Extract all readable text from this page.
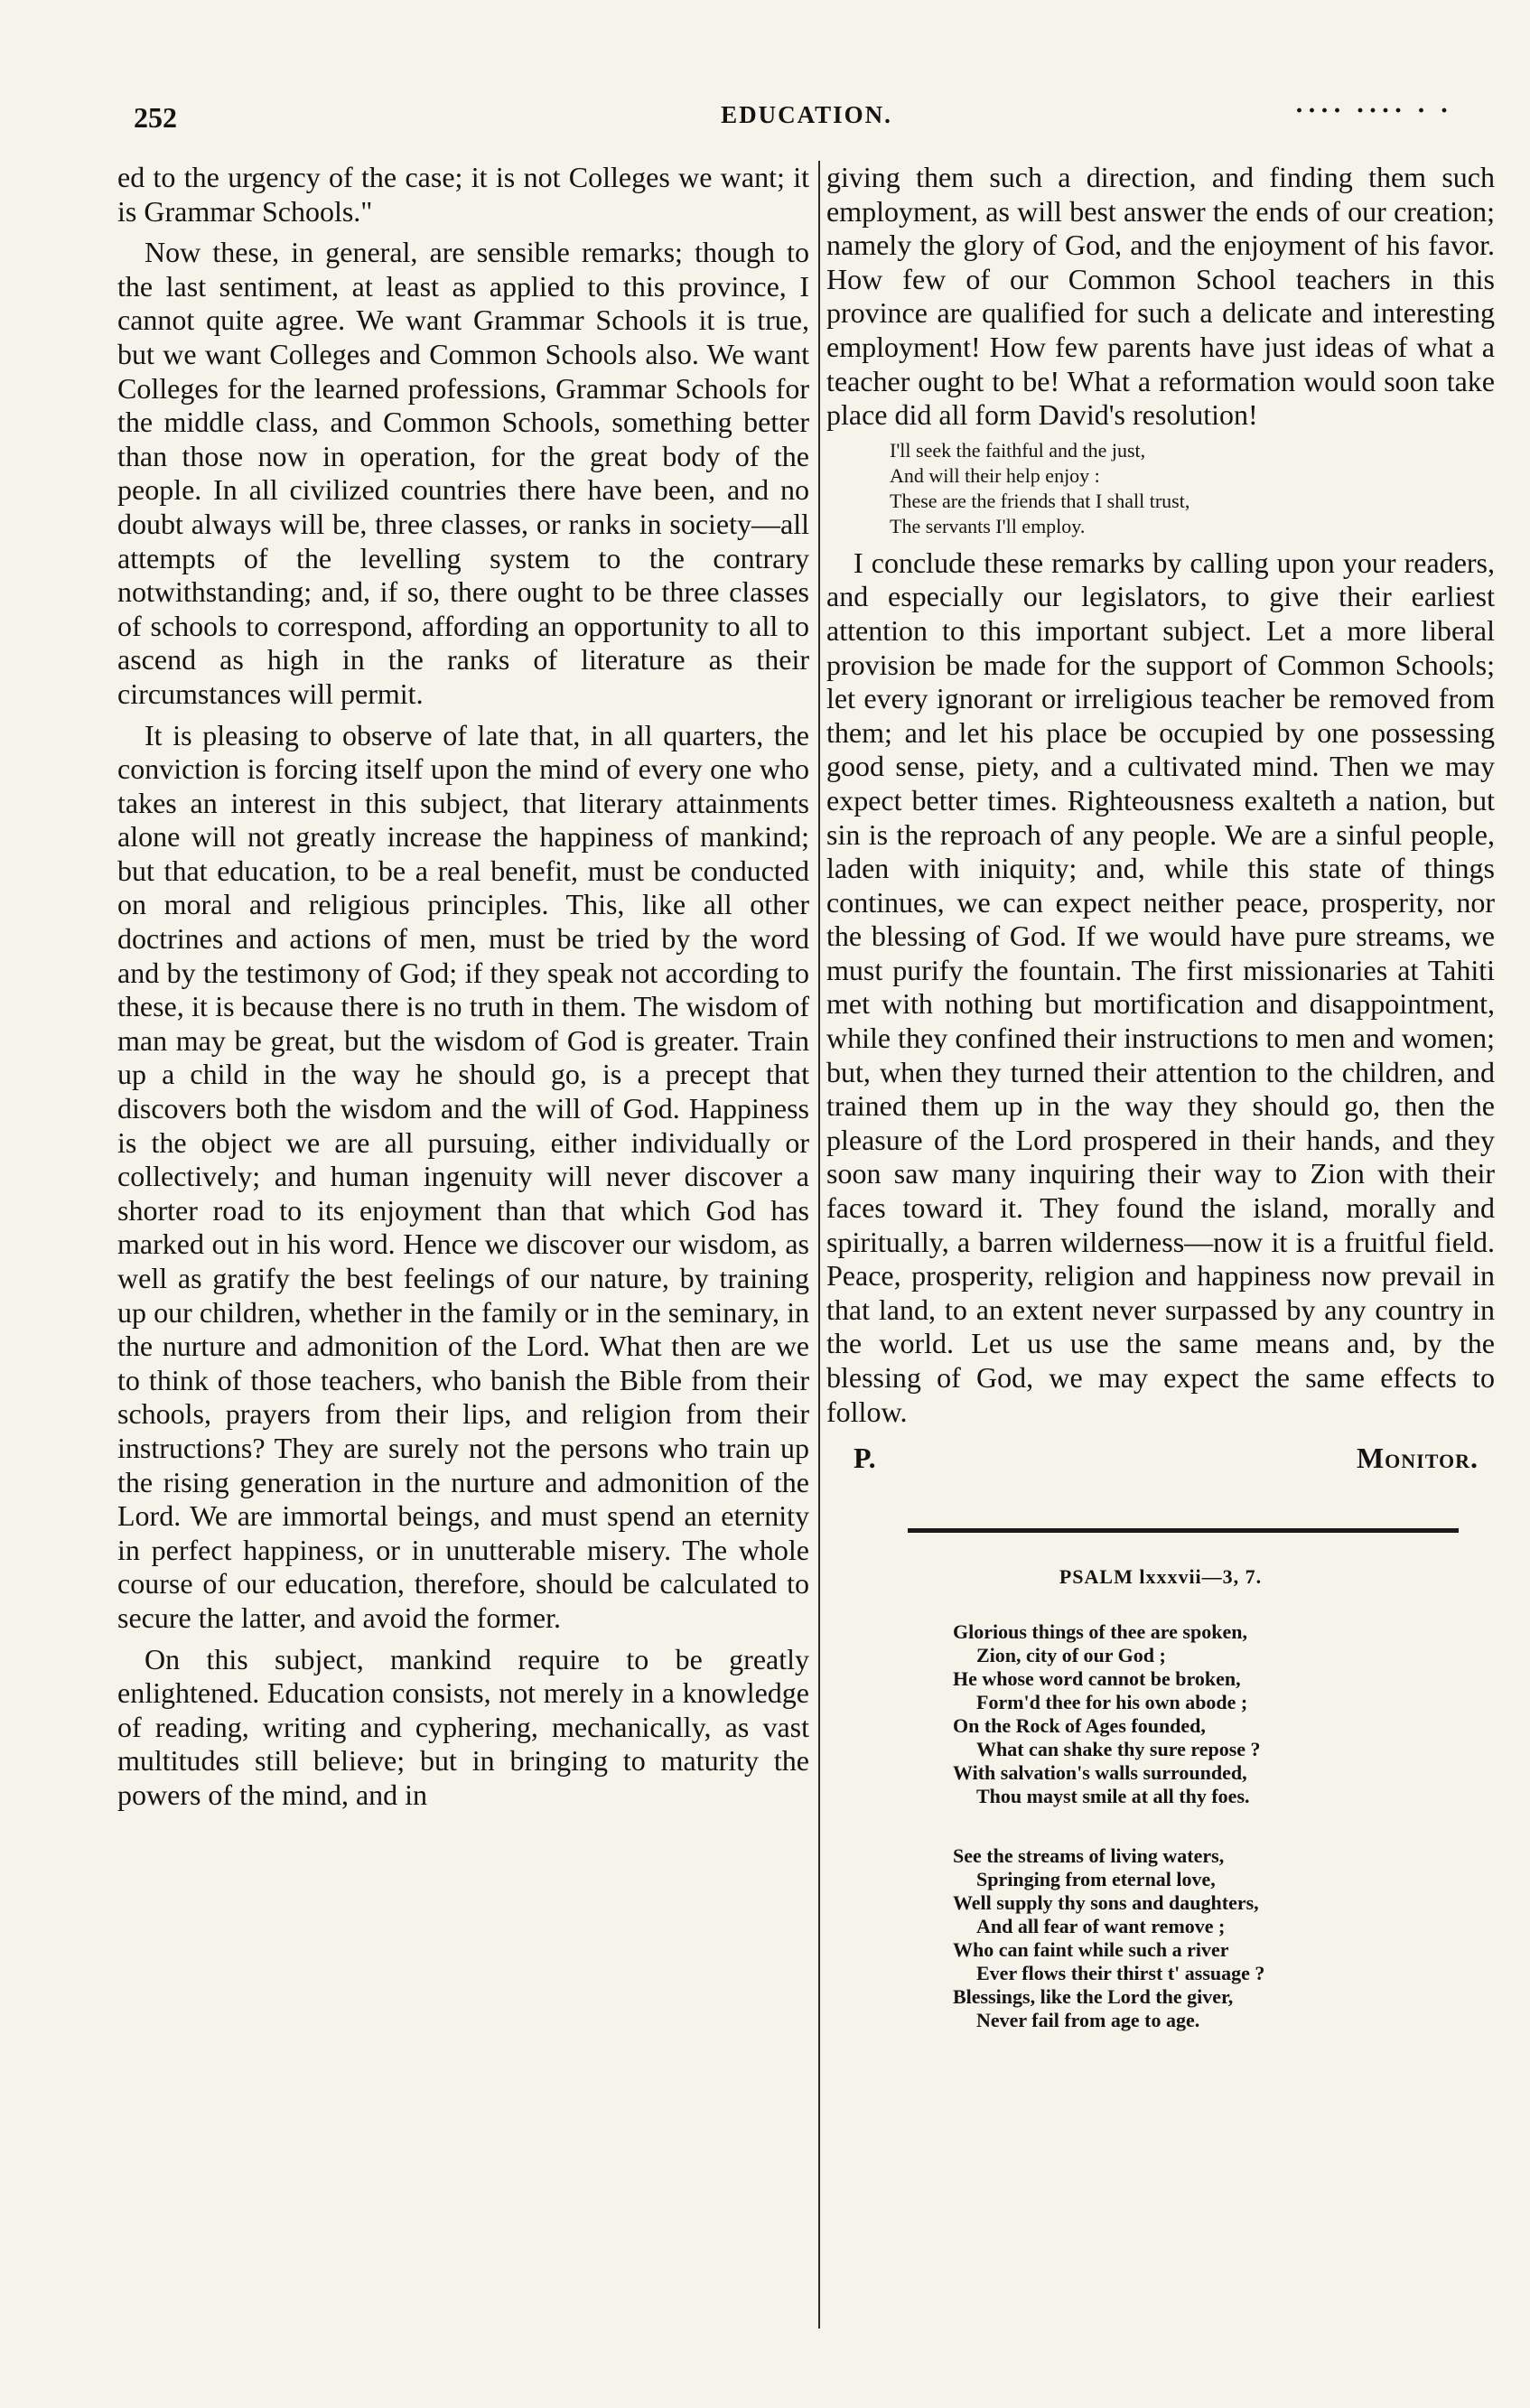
252	EDUCATION.	···· ···· · ·

ed to the urgency of the case; it is not Colleges we want; it is Grammar Schools."

Now these, in general, are sensible remarks; though to the last sentiment, at least as applied to this province, I cannot quite agree. We want Grammar Schools it is true, but we want Colleges and Common Schools also. We want Colleges for the learned professions, Grammar Schools for the middle class, and Common Schools, something better than those now in operation, for the great body of the people. In all civilized countries there have been, and no doubt always will be, three classes, or ranks in society—all attempts of the levelling system to the contrary notwithstanding; and, if so, there ought to be three classes of schools to correspond, affording an opportunity to all to ascend as high in the ranks of literature as their circumstances will permit.

It is pleasing to observe of late that, in all quarters, the conviction is forcing itself upon the mind of every one who takes an interest in this subject, that literary attainments alone will not greatly increase the happiness of mankind; but that education, to be a real benefit, must be conducted on moral and religious principles. This, like all other doctrines and actions of men, must be tried by the word and by the testimony of God; if they speak not according to these, it is because there is no truth in them. The wisdom of man may be great, but the wisdom of God is greater. Train up a child in the way he should go, is a precept that discovers both the wisdom and the will of God. Happiness is the object we are all pursuing, either individually or collectively; and human ingenuity will never discover a shorter road to its enjoyment than that which God has marked out in his word. Hence we discover our wisdom, as well as gratify the best feelings of our nature, by training up our children, whether in the family or in the seminary, in the nurture and admonition of the Lord. What then are we to think of those teachers, who banish the Bible from their schools, prayers from their lips, and religion from their instructions? They are surely not the persons who train up the rising generation in the nurture and admonition of the Lord. We are immortal beings, and must spend an eternity in perfect happiness, or in unutterable misery. The whole course of our education, therefore, should be calculated to secure the latter, and avoid the former.

On this subject, mankind require to be greatly enlightened. Education consists, not merely in a knowledge of reading, writing and cyphering, mechanically, as vast multitudes still believe; but in bringing to maturity the powers of the mind, and in

giving them such a direction, and finding them such employment, as will best answer the ends of our creation; namely the glory of God, and the enjoyment of his favor. How few of our Common School teachers in this province are qualified for such a delicate and interesting employment! How few parents have just ideas of what a teacher ought to be! What a reformation would soon take place did all form David's resolution!

I'll seek the faithful and the just,
And will their help enjoy :
These are the friends that I shall trust,
The servants I'll employ.

I conclude these remarks by calling upon your readers, and especially our legislators, to give their earliest attention to this important subject. Let a more liberal provision be made for the support of Common Schools; let every ignorant or irreligious teacher be removed from them; and let his place be occupied by one possessing good sense, piety, and a cultivated mind. Then we may expect better times. Righteousness exalteth a nation, but sin is the reproach of any people. We are a sinful people, laden with iniquity; and, while this state of things continues, we can expect neither peace, prosperity, nor the blessing of God. If we would have pure streams, we must purify the fountain. The first missionaries at Tahiti met with nothing but mortification and disappointment, while they confined their instructions to men and women; but, when they turned their attention to the children, and trained them up in the way they should go, then the pleasure of the Lord prospered in their hands, and they soon saw many inquiring their way to Zion with their faces toward it. They found the island, morally and spiritually, a barren wilderness—now it is a fruitful field. Peace, prosperity, religion and happiness now prevail in that land, to an extent never surpassed by any country in the world. Let us use the same means and, by the blessing of God, we may expect the same effects to follow.

P.	Monitor.
PSALM lxxxvii—3, 7.
Glorious things of thee are spoken,
Zion, city of our God ;
He whose word cannot be broken,
Form'd thee for his own abode ;
On the Rock of Ages founded,
What can shake thy sure repose ?
With salvation's walls surrounded,
Thou mayst smile at all thy foes.
See the streams of living waters,
Springing from eternal love,
Well supply thy sons and daughters,
And all fear of want remove ;
Who can faint while such a river
Ever flows their thirst t' assuage ?
Blessings, like the Lord the giver,
Never fail from age to age.
